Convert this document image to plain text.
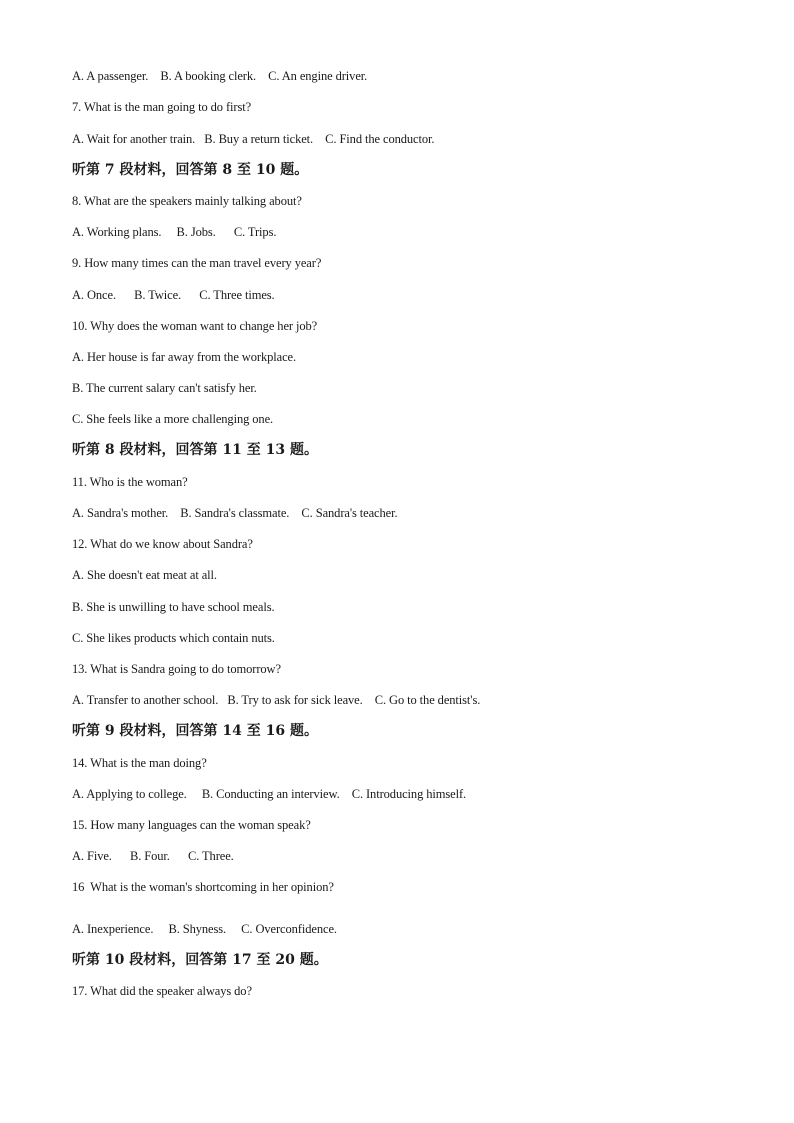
A. A passenger.    B. A booking clerk.    C. An engine driver.
7. What is the man going to do first?
A. Wait for another train.   B. Buy a return ticket.    C. Find the conductor.
听第 7 段材料，回答第 8 至 10 题。
8. What are the speakers mainly talking about?
A. Working plans.     B. Jobs.      C. Trips.
9. How many times can the man travel every year?
A. Once.      B. Twice.      C. Three times.
10. Why does the woman want to change her job?
A. Her house is far away from the workplace.
B. The current salary can't satisfy her.
C. She feels like a more challenging one.
听第 8 段材料，回答第 11 至 13 题。
11. Who is the woman?
A. Sandra's mother.    B. Sandra's classmate.    C. Sandra's teacher.
12. What do we know about Sandra?
A. She doesn't eat meat at all.
B. She is unwilling to have school meals.
C. She likes products which contain nuts.
13. What is Sandra going to do tomorrow?
A. Transfer to another school.   B. Try to ask for sick leave.    C. Go to the dentist's.
听第 9 段材料，回答第 14 至 16 题。
14. What is the man doing?
A. Applying to college.     B. Conducting an interview.    C. Introducing himself.
15. How many languages can the woman speak?
A. Five.      B. Four.      C. Three.
16  What is the woman's shortcoming in her opinion?
A. Inexperience.     B. Shyness.     C. Overconfidence.
听第 10 段材料，回答第 17 至 20 题。
17. What did the speaker always do?
